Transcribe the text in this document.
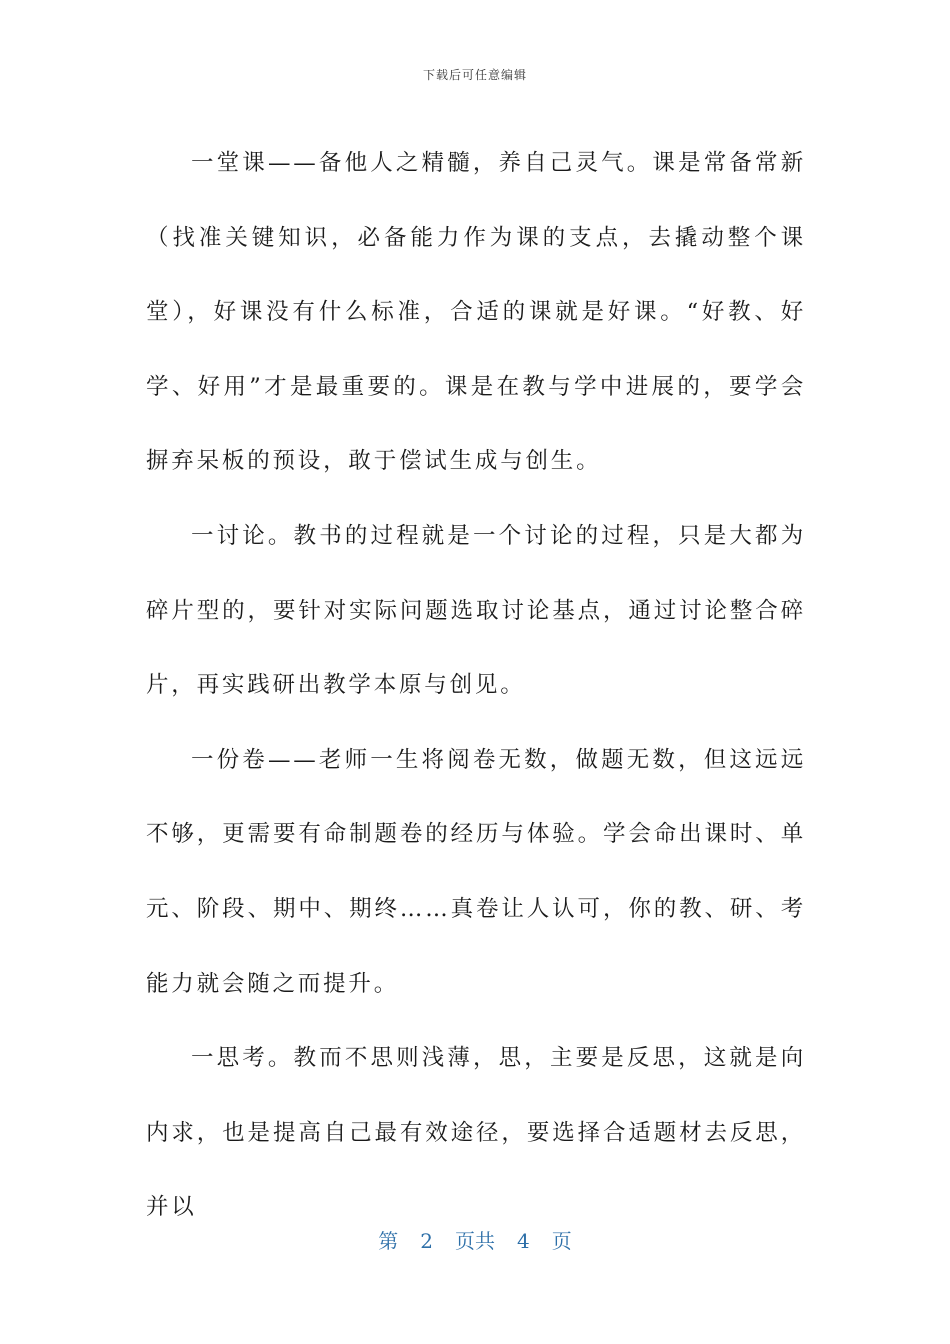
下载后可任意编辑

一堂课——备他人之精髓，养自己灵气。课是常备常新（找准关键知识，必备能力作为课的支点，去撬动整个课堂），好课没有什么标准，合适的课就是好课。“好教、好学、好用”才是最重要的。课是在教与学中进展的，要学会摒弃呆板的预设，敢于偿试生成与创生。

一讨论。教书的过程就是一个讨论的过程，只是大都为碎片型的，要针对实际问题选取讨论基点，通过讨论整合碎片，再实践研出教学本原与创见。

一份卷——老师一生将阅卷无数，做题无数，但这远远不够，更需要有命制题卷的经历与体验。学会命出课时、单元、阶段、期中、期终……真卷让人认可，你的教、研、考能力就会随之而提升。

一思考。教而不思则浅薄，思，主要是反思，这就是向内求，也是提高自己最有效途径，要选择合适题材去反思，并以

第 2 页共 4 页
